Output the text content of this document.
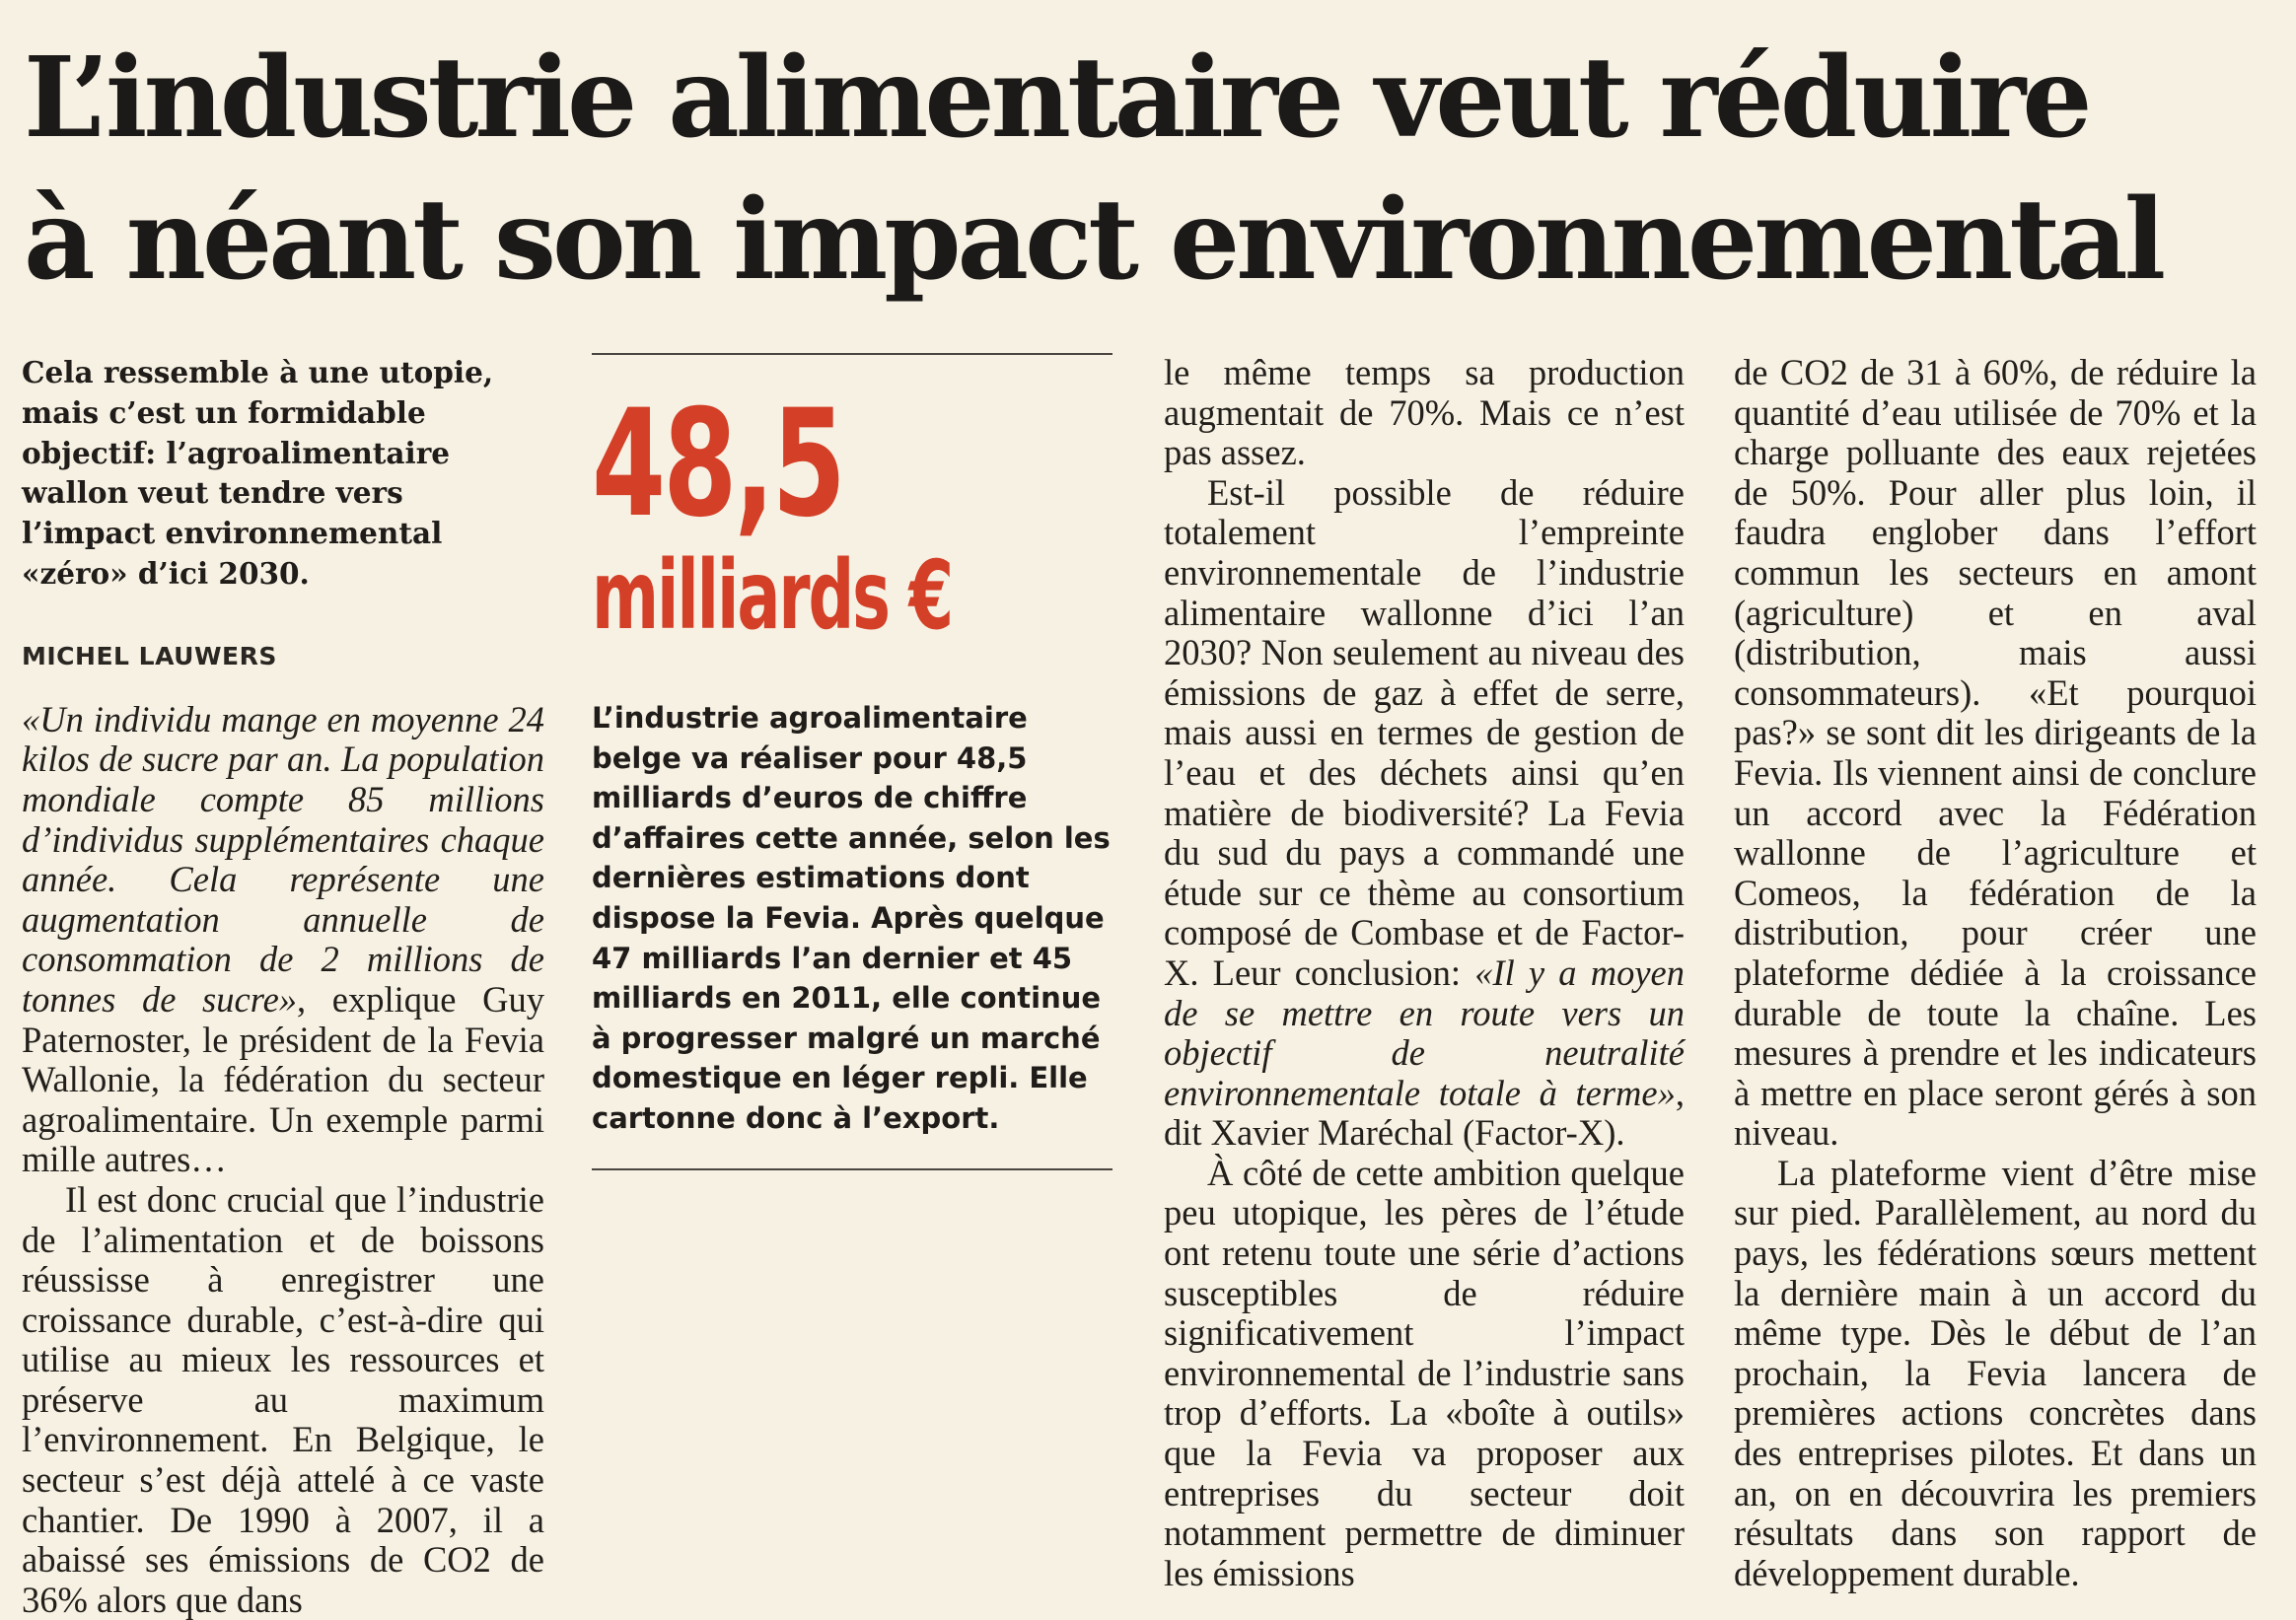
L’industrie alimentaire veut réduire
à néant son impact environnemental

Cela ressemble à une utopie, mais c’est un formidable objectif: l’agroalimentaire wallon veut tendre vers l’impact environnemental «zéro» d’ici 2030.

MICHEL LAUWERS

«Un individu mange en moyenne 24 kilos de sucre par an. La population mondiale compte 85 millions d’individus supplémentaires chaque année. Cela représente une augmentation annuelle de consommation de 2 millions de tonnes de sucre», explique Guy Paternoster, le président de la Fevia Wallonie, la fédération du secteur agroalimentaire. Un exemple parmi mille autres…

Il est donc crucial que l’industrie de l’alimentation et de boissons réussisse à enregistrer une croissance durable, c’est-à-dire qui utilise au mieux les ressources et préserve au maximum l’environnement. En Belgique, le secteur s’est déjà attelé à ce vaste chantier. De 1990 à 2007, il a abaissé ses émissions de CO2 de 36% alors que dans

48,5
milliards €
L’industrie agroalimentaire belge va réaliser pour 48,5 milliards d’euros de chiffre d’affaires cette année, selon les dernières estimations dont dispose la Fevia. Après quelque 47 milliards l’an dernier et 45 milliards en 2011, elle continue à progresser malgré un marché domestique en léger repli. Elle cartonne donc à l’export.

le même temps sa production augmentait de 70%. Mais ce n’est pas assez.

Est-il possible de réduire totalement l’empreinte environnementale de l’industrie alimentaire wallonne d’ici l’an 2030? Non seulement au niveau des émissions de gaz à effet de serre, mais aussi en termes de gestion de l’eau et des déchets ainsi qu’en matière de biodiversité? La Fevia du sud du pays a commandé une étude sur ce thème au consortium composé de Combase et de Factor-X. Leur conclusion: «Il y a moyen de se mettre en route vers un objectif de neutralité environnementale totale à terme», dit Xavier Maréchal (Factor-X).

À côté de cette ambition quelque peu utopique, les pères de l’étude ont retenu toute une série d’actions susceptibles de réduire significativement l’impact environnemental de l’industrie sans trop d’efforts. La «boîte à outils» que la Fevia va proposer aux entreprises du secteur doit notamment permettre de diminuer les émissions

de CO2 de 31 à 60%, de réduire la quantité d’eau utilisée de 70% et la charge polluante des eaux rejetées de 50%. Pour aller plus loin, il faudra englober dans l’effort commun les secteurs en amont (agriculture) et en aval (distribution, mais aussi consommateurs). «Et pourquoi pas?» se sont dit les dirigeants de la Fevia. Ils viennent ainsi de conclure un accord avec la Fédération wallonne de l’agriculture et Comeos, la fédération de la distribution, pour créer une plateforme dédiée à la croissance durable de toute la chaîne. Les mesures à prendre et les indicateurs à mettre en place seront gérés à son niveau.

La plateforme vient d’être mise sur pied. Parallèlement, au nord du pays, les fédérations sœurs mettent la dernière main à un accord du même type. Dès le début de l’an prochain, la Fevia lancera de premières actions concrètes dans des entreprises pilotes. Et dans un an, on en découvrira les premiers résultats dans son rapport de développement durable.
